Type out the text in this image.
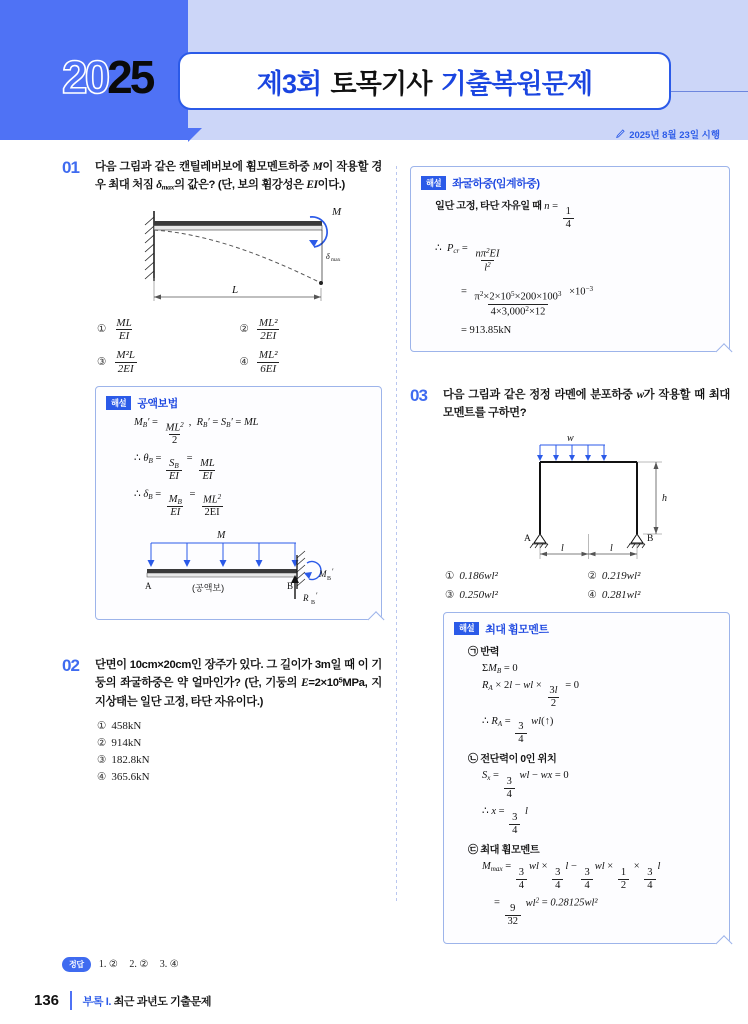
2025	제3회 토목기사 기출복원문제
2025년 8월 23일 시행
01 다음 그림과 같은 캔틸레버보에 휨모멘트하중 M이 작용할 경우 최대 처짐 $\delta_{max}$의 값은? (단, 보의 휨강성은 EI이다.)
M
δ max
L
① $\frac{ML}{EI}$	② $\frac{\text{ML²}}{2EI}$
③ $\frac{\text{M²L}}{2EI}$	④ $\frac{\text{ML²}}{6EI}$
해설	공액보법
$M_B' = \frac{ML^2}{2}$ ,  $R_B' = S_B'$ = ML
∴ $\theta_B = \frac{S_B}{EI} = \frac{ML}{EI}$
∴ $\delta_B = \frac{M_B}{EI} = \frac{ML^2}{2EI}$
M
M B
′
R B
′
A	B
(공액보)
02 단면이 10cm×20cm인 장주가 있다. 그 길이가 3m일 때 이 기둥의 좌굴하중은 약 얼마인가? (단, 기둥의 $E=2\times 10^5MPa$, 지지상태는 일단 고정, 타단 자유이다.)
① 458kN
② 914kN
③ 182.8kN
④ 365.6kN
해설	좌굴하중(임계하중)
일단 고정, 타단 자유일 때 $n = \frac{1}{4}$
∴  $P_{cr} = \frac{n\pi^2EI}{l^2}$
= $\frac{\pi^2\times 2\times 10^5\times 200\times 100^3}{4\times 3,000^2\times 12} \times 10^{-3}$
= 913.85kN
03 다음 그림과 같은 정정 라멘에 분포하중 w가 작용할 때 최대 모멘트를 구하면?
w
A	B
h
l	l
① 0.186wl²	② 0.219wl²
③ 0.250wl²	④ 0.281wl²
해설	최대 휨모멘트
㉠ 반력
$\Sigma M_B = 0$
$R_A \times 2l$ − wl × $\frac{3l}{2} = 0$
∴ $R_A = \frac{3}{4}$ wl(↑)
㉡ 전단력이 0인 위치
$S_x = \frac{3}{4}$ wl − wx = 0
∴ $x = \frac{3}{4}$ l
㉢ 최대 휨모멘트
$M_{max} = \frac{3}{4}$ wl × $\frac{3}{4}$ $l - \frac{3}{4}$ wl × $\frac{1}{2} \times \frac{3}{4}$ l
= $\frac{9}{32} wl^2 = 0.28125wl^2$
정답	1. ② 2. ② 3. ④
136 부록 I. 최근 과년도 기출문제
